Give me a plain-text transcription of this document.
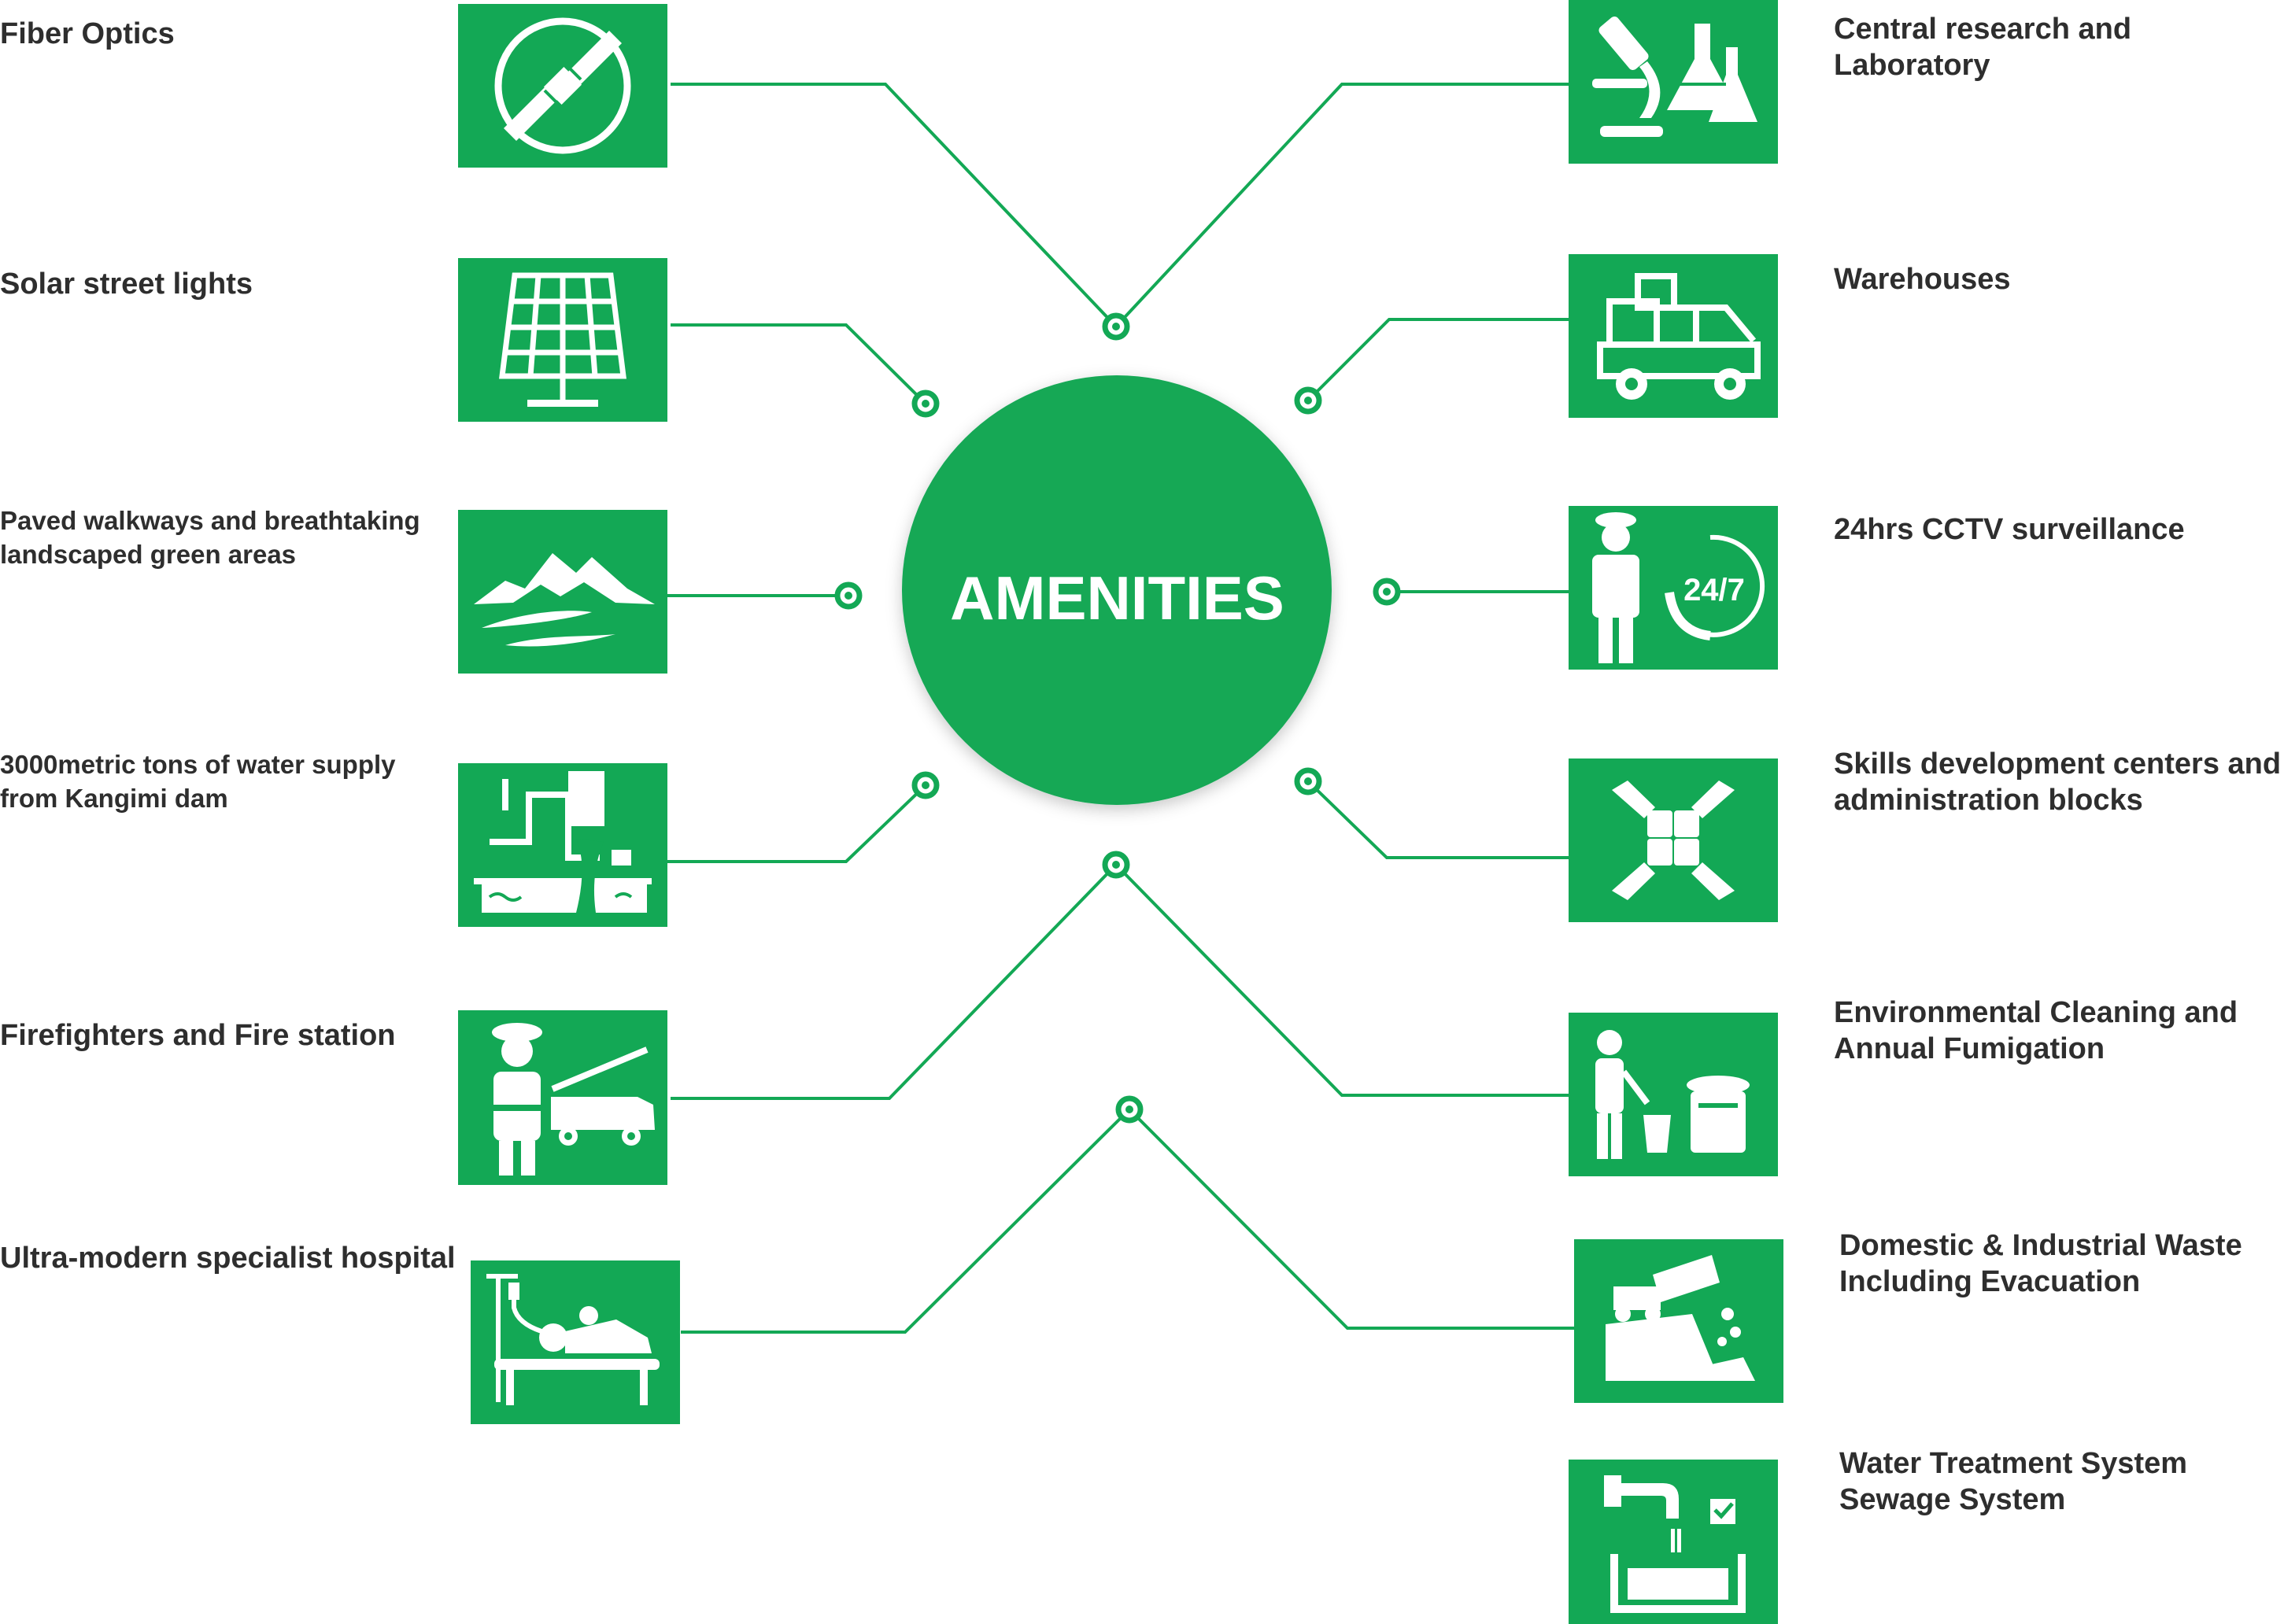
AMENITIES
Fiber Optics
Solar street lights
Paved walkways and breathtaking landscaped green areas
3000metric tons of water supply from Kangimi dam
Firefighters and Fire station
Ultra-modern specialist hospital
Central research and Laboratory
Warehouses
24/7
24hrs CCTV surveillance
Skills development centers and administration blocks
Environmental Cleaning and Annual Fumigation
Domestic & Industrial Waste Including Evacuation
Water Treatment System Sewage System
